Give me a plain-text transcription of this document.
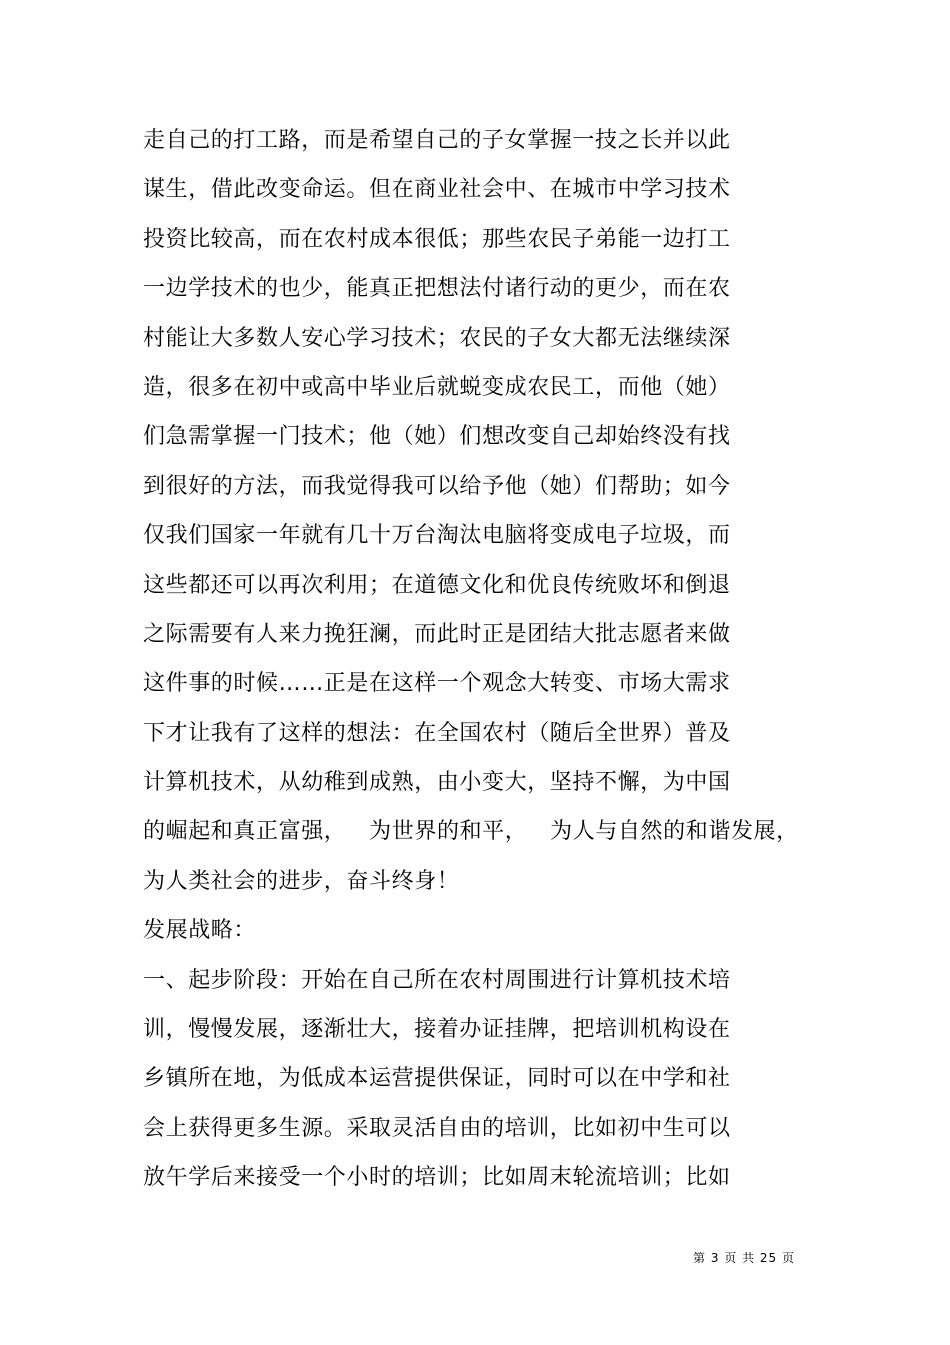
走自己的打工路，而是希望自己的子女掌握一技之长并以此
谋生，借此改变命运。但在商业社会中、在城市中学习技术
投资比较高，而在农村成本很低；那些农民子弟能一边打工
一边学技术的也少，能真正把想法付诸行动的更少，而在农
村能让大多数人安心学习技术；农民的子女大都无法继续深
造，很多在初中或高中毕业后就蜕变成农民工，而他（她）
们急需掌握一门技术；他（她）们想改变自己却始终没有找
到很好的方法，而我觉得我可以给予他（她）们帮助；如今
仅我们国家一年就有几十万台淘汰电脑将变成电子垃圾，而
这些都还可以再次利用；在道德文化和优良传统败坏和倒退
之际需要有人来力挽狂澜，而此时正是团结大批志愿者来做
这件事的时候……正是在这样一个观念大转变、市场大需求
下才让我有了这样的想法：在全国农村（随后全世界）普及
计算机技术，从幼稚到成熟，由小变大，坚持不懈，为中国
的崛起和真正富强，   为世界的和平，   为人与自然的和谐发展，
为人类社会的进步，奋斗终身！
发展战略：
一、起步阶段：开始在自己所在农村周围进行计算机技术培
训，慢慢发展，逐渐壮大，接着办证挂牌，把培训机构设在
乡镇所在地，为低成本运营提供保证，同时可以在中学和社
会上获得更多生源。采取灵活自由的培训，比如初中生可以
放午学后来接受一个小时的培训；比如周末轮流培训；比如
第 3 页 共 25 页
